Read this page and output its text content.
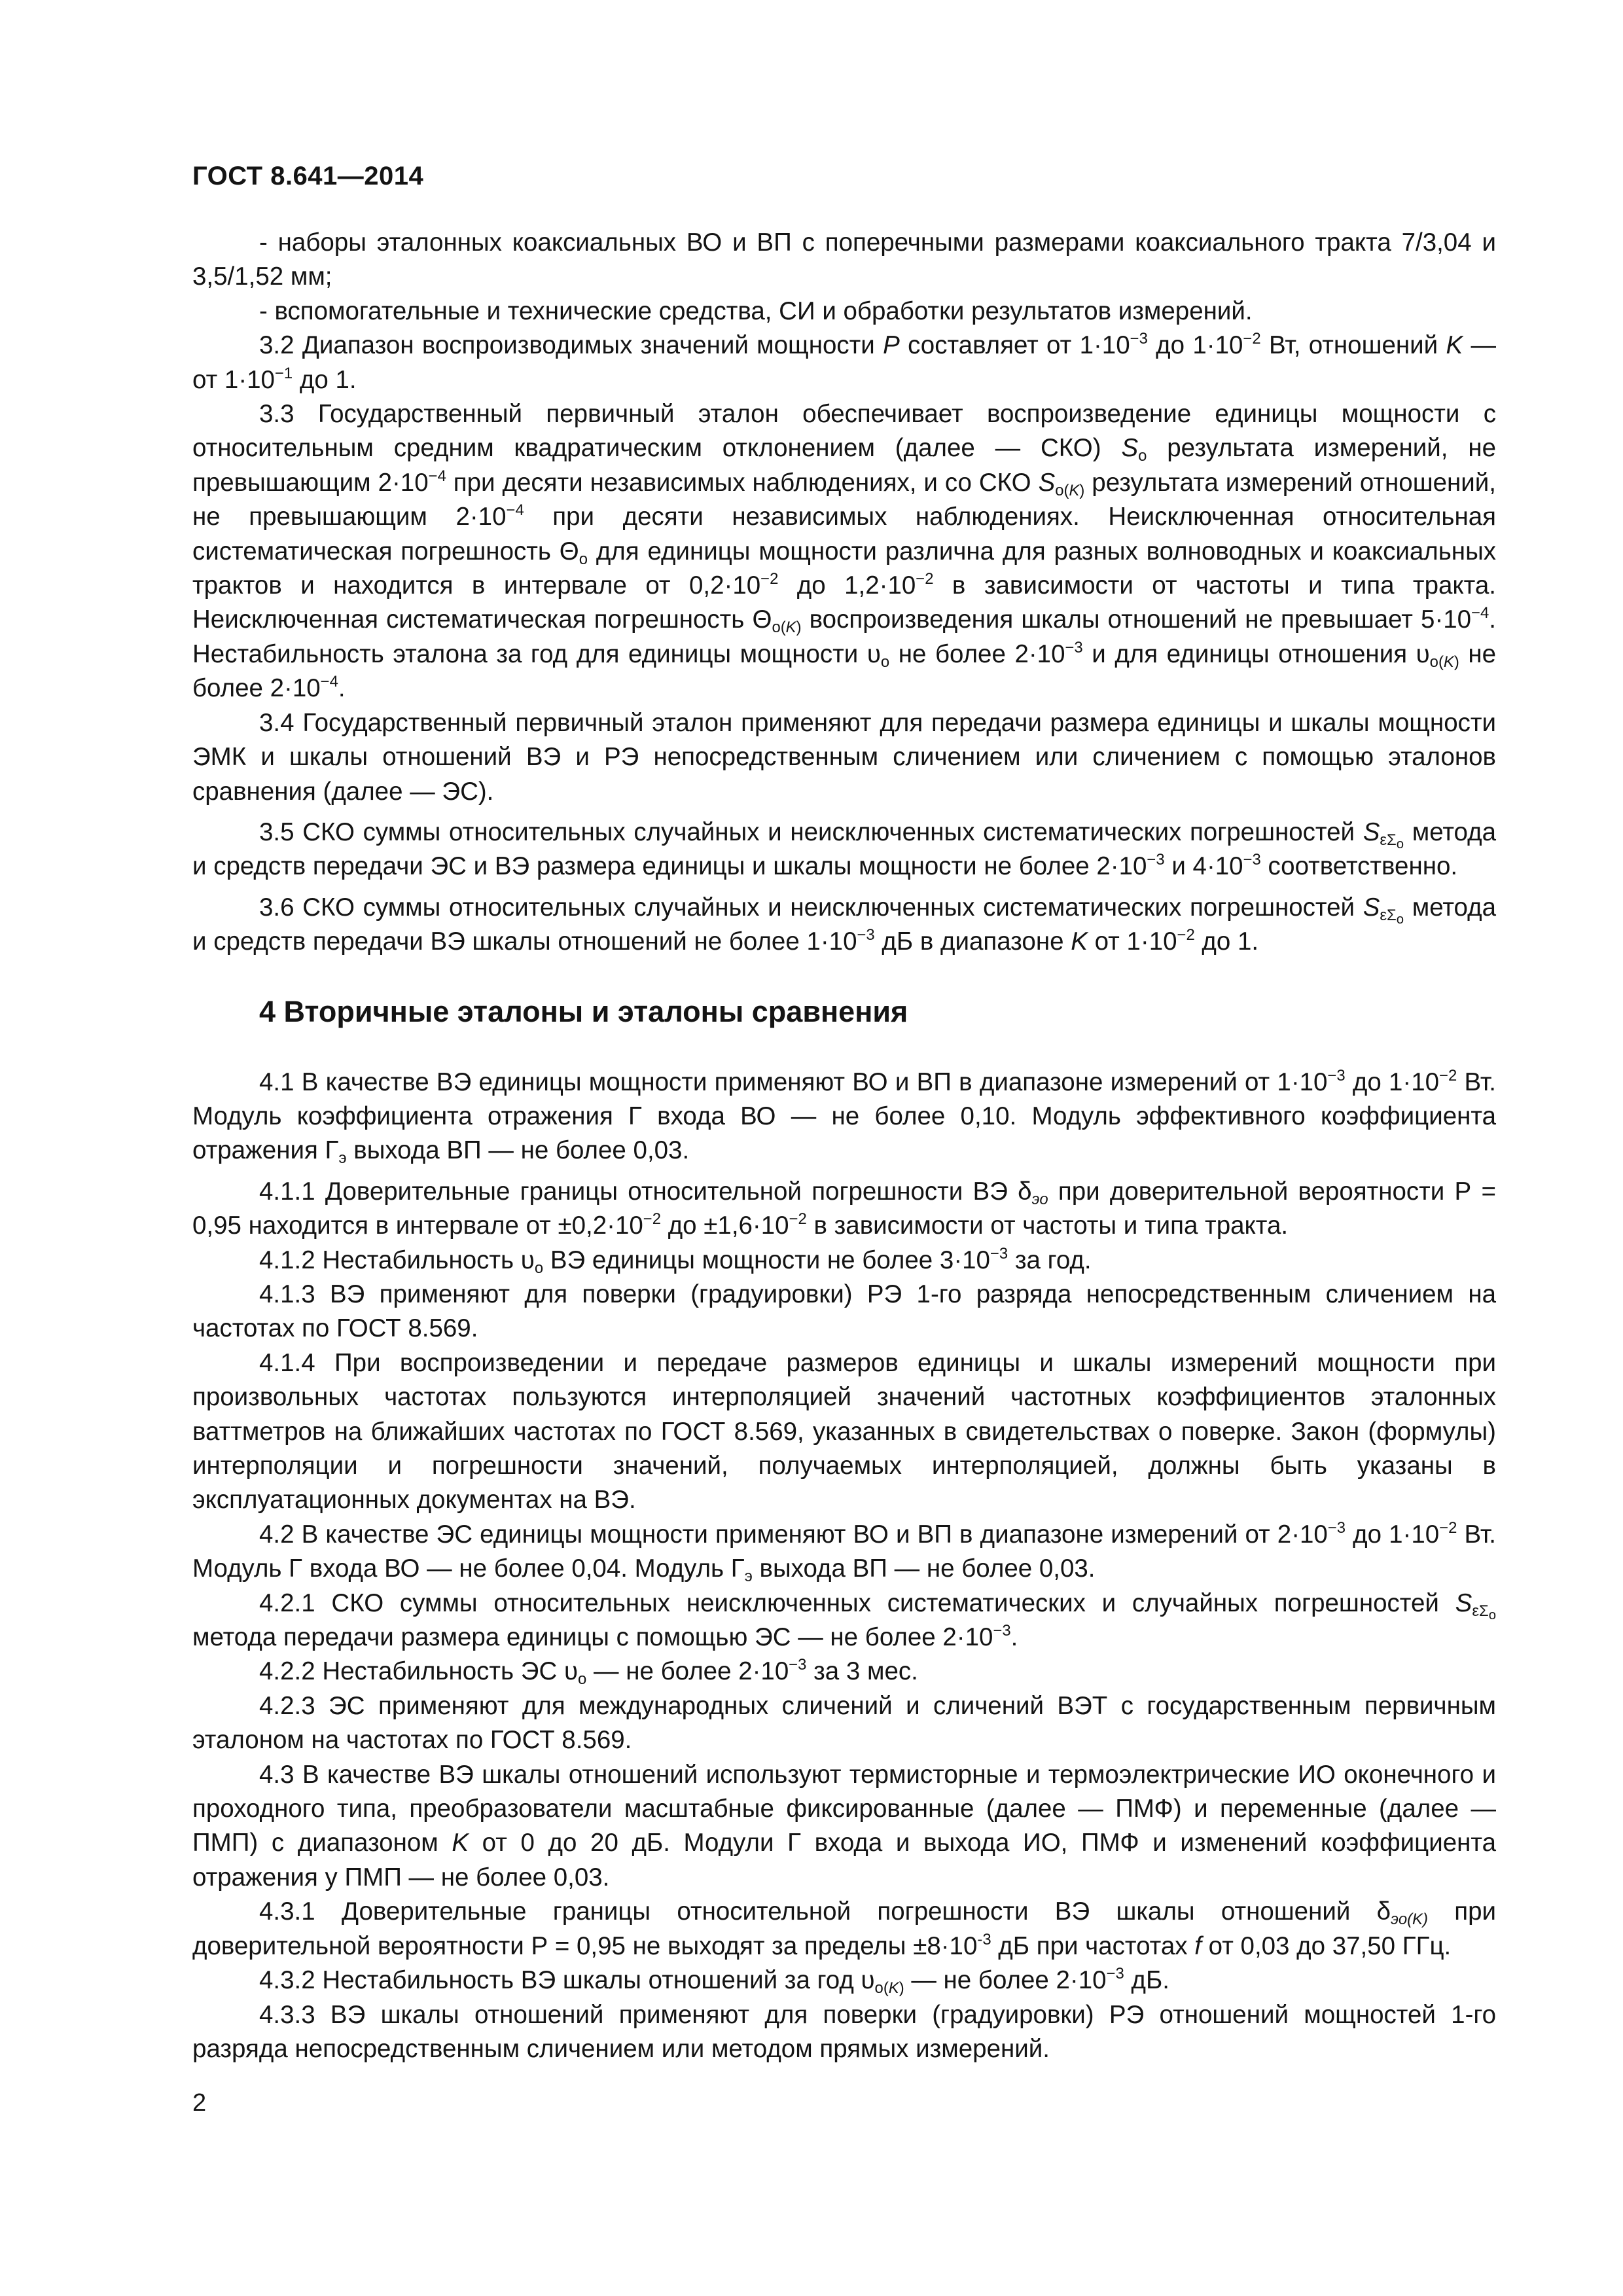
ГОСТ 8.641—2014

- наборы эталонных коаксиальных ВО и ВП с поперечными размерами коаксиального тракта 7/3,04 и 3,5/1,52 мм;

- вспомогательные и технические средства, СИ и обработки результатов измерений.

3.2 Диапазон воспроизводимых значений мощности P составляет от $1\cdot 10^{-3}$ до $1\cdot 10^{-2}$ Вт, отношений K — от $1\cdot 10^{-1}$ до 1.

3.3 Государственный первичный эталон обеспечивает воспроизведение единицы мощности с относительным средним квадратическим отклонением (далее — СКО) $S_о$ результата измерений, не превышающим $2\cdot 10^{-4}$ при десяти независимых наблюдениях, и со СКО $S_{о(K)}$ результата измерений отношений, не превышающим $2\cdot 10^{-4}$ при десяти независимых наблюдениях. Неисключенная относительная систематическая погрешность $\Theta_о$ для единицы мощности различна для разных волноводных и коаксиальных трактов и находится в интервале от $0,2\cdot 10^{-2}$ до $1,2\cdot 10^{-2}$ в зависимости от частоты и типа тракта. Неисключенная систематическая погрешность $\Theta_{о(K)}$ воспроизведения шкалы отношений не превышает $5\cdot 10^{-4}$. Нестабильность эталона за год для единицы мощности $\upsilon_о$ не более $2\cdot 10^{-3}$ и для единицы отношения $\upsilon_{о(K)}$ не более $2\cdot 10^{-4}$.

3.4 Государственный первичный эталон применяют для передачи размера единицы и шкалы мощности ЭМК и шкалы отношений ВЭ и РЭ непосредственным сличением или сличением с помощью эталонов сравнения (далее — ЭС).

3.5 СКО суммы относительных случайных и неисключенных систематических погрешностей $S_{\varepsilon\Sigma_о}$ метода и средств передачи ЭС и ВЭ размера единицы и шкалы мощности не более $2\cdot 10^{-3}$ и $4\cdot 10^{-3}$ соответственно.

3.6 СКО суммы относительных случайных и неисключенных систематических погрешностей $S_{\varepsilon\Sigma_о}$ метода и средств передачи ВЭ шкалы отношений не более $1\cdot 10^{-3}$ дБ в диапазоне K от $1\cdot 10^{-2}$ до 1.

4 Вторичные эталоны и эталоны сравнения

4.1 В качестве ВЭ единицы мощности применяют ВО и ВП в диапазоне измерений от $1\cdot 10^{-3}$ до $1\cdot 10^{-2}$ Вт. Модуль коэффициента отражения Г входа ВО — не более 0,10. Модуль эффективного коэффициента отражения $Г_э$ выхода ВП — не более 0,03.

4.1.1 Доверительные границы относительной погрешности ВЭ $\delta_{эо}$ при доверительной вероятности Р = 0,95 находится в интервале от $\pm 0,2\cdot 10^{-2}$ до $\pm 1,6\cdot 10^{-2}$ в зависимости от частоты и типа тракта.

4.1.2 Нестабильность $\upsilon_о$ ВЭ единицы мощности не более $3\cdot 10^{-3}$ за год.

4.1.3 ВЭ применяют для поверки (градуировки) РЭ 1-го разряда непосредственным сличением на частотах по ГОСТ 8.569.

4.1.4 При воспроизведении и передаче размеров единицы и шкалы измерений мощности при произвольных частотах пользуются интерполяцией значений частотных коэффициентов эталонных ваттметров на ближайших частотах по ГОСТ 8.569, указанных в свидетельствах о поверке. Закон (формулы) интерполяции и погрешности значений, получаемых интерполяцией, должны быть указаны в эксплуатационных документах на ВЭ.

4.2 В качестве ЭС единицы мощности применяют ВО и ВП в диапазоне измерений от $2\cdot 10^{-3}$ до $1\cdot 10^{-2}$ Вт. Модуль Г входа ВО — не более 0,04. Модуль $Г_э$ выхода ВП — не более 0,03.

4.2.1 СКО суммы относительных неисключенных систематических и случайных погрешностей $S_{\varepsilon\Sigma_о}$ метода передачи размера единицы с помощью ЭС — не более $2\cdot 10^{-3}$.

4.2.2 Нестабильность ЭС $\upsilon_о$ — не более $2\cdot 10^{-3}$ за 3 мес.

4.2.3 ЭС применяют для международных сличений и сличений ВЭТ с государственным первичным эталоном на частотах по ГОСТ 8.569.

4.3 В качестве ВЭ шкалы отношений используют термисторные и термоэлектрические ИО оконечного и проходного типа, преобразователи масштабные фиксированные (далее — ПМФ) и переменные (далее — ПМП) с диапазоном K от 0 до 20 дБ. Модули Г входа и выхода ИО, ПМФ и изменений коэффициента отражения у ПМП — не более 0,03.

4.3.1 Доверительные границы относительной погрешности ВЭ шкалы отношений $\delta_{эо(K)}$ при доверительной вероятности Р = 0,95 не выходят за пределы $\pm 8\cdot 10^{-3}$ дБ при частотах f от 0,03 до 37,50 ГГц.

4.3.2 Нестабильность ВЭ шкалы отношений за год $\upsilon_{о(K)}$ — не более $2\cdot 10^{-3}$ дБ.

4.3.3 ВЭ шкалы отношений применяют для поверки (градуировки) РЭ отношений мощностей 1-го разряда непосредственным сличением или методом прямых измерений.

2
